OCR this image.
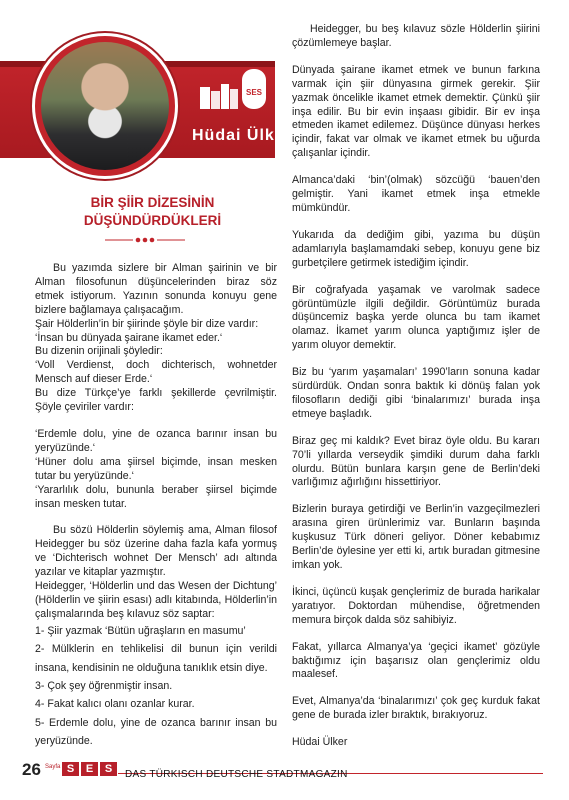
SES
Hüdai Ülker
BİR ŞİİR DİZESİNİN
DÜŞÜNDÜRDÜKLERİ

Bu yazımda sizlere bir Alman şairinin ve bir Alman filosofunun düşüncelerinden biraz söz etmek istiyorum. Yazının sonunda konuyu gene bizlere bağlamaya çalışacağım.

Şair Hölderlin’in bir şiirinde şöyle bir dize vardır:

‘İnsan bu dünyada şairane ikamet eder.‘

Bu dizenin orijinali şöyledir:

‘Voll Verdienst, doch dichterisch, wohnetder Mensch auf dieser Erde.‘

Bu dize Türkçe’ye farklı şekillerde çevrilmiştir. Şöyle çeviriler vardır:

‘Erdemle dolu, yine de ozanca barınır insan bu yeryüzünde.‘

‘Hüner dolu ama şiirsel biçimde, insan mesken tutar bu yeryüzünde.‘

‘Yararlılık dolu, bununla beraber şiirsel biçimde insan mesken tutar.

Bu sözü Hölderlin söylemiş ama, Alman filosof Heidegger bu söz üzerine daha fazla kafa yormuş ve ‘Dichterisch wohnet Der Mensch’ adı altında yazılar ve kitaplar yazmıştır.

Heidegger, ‘Hölderlin und das Wesen der Dichtung’ (Hölderlin ve şiirin esası) adlı kitabında, Hölderlin’in çalışmalarında beş kılavuz söz saptar:

1- Şiir yazmak ‘Bütün uğraşların en masumu’

2- Mülklerin en tehlikelisi dil bunun için verildi insana, kendisinin ne olduğuna tanıklık etsin diye.

3- Çok şey öğrenmiştir insan.

4- Fakat kalıcı olanı ozanlar kurar.

5- Erdemle dolu, yine de ozanca barınır insan bu yeryüzünde.

Heidegger, bu beş kılavuz sözle Hölderlin şiirini çözümlemeye başlar.

Dünyada şairane ikamet etmek ve bunun farkına varmak için şiir dünyasına girmek gerekir. Şiir yazmak öncelikle ikamet etmek demektir. Çünkü şiir inşa edilir. Bu bir evin inşaası gibidir. Bir ev inşa etmeden ikamet edilemez. Düşünce dünyası herkes içindir, fakat var olmak ve ikamet etmek bu uğurda çalışanlar içindir.

Almanca’daki ‘bin’(olmak) sözcüğü ‘bauen’den gelmiştir. Yani ikamet etmek inşa etmekle mümkündür.

Yukarıda da dediğim gibi, yazıma bu düşün adamlarıyla başlamamdaki sebep, konuyu gene biz gurbetçilere getirmek istediğim içindir.

Bir coğrafyada yaşamak ve varolmak sadece görüntümüzle ilgili değildir. Görüntümüz burada düşüncemiz başka yerde olunca bu tam ikamet olamaz. İkamet yarım olunca yaptığımız işler de yarım oluyor demektir.

Biz bu ‘yarım yaşamaları’ 1990’ların sonuna kadar sürdürdük. Ondan sonra baktık ki dönüş falan yok filosofların dediği gibi ‘binalarımızı’ burada inşa etmeye başladık.

Biraz geç mi kaldık? Evet biraz öyle oldu. Bu kararı 70’li yıllarda verseydik şimdiki durum daha farklı olurdu. Bütün bunlara karşın gene de Berlin’deki varlığımız ağırlığını hissettiriyor.

Bizlerin buraya getirdiği ve Berlin’in vazgeçilmezleri arasına giren ürünlerimiz var. Bunların başında kuşkusuz Türk döneri geliyor. Döner kebabımız Berlin’de öylesine yer etti ki, artık buradan gitmesine imkan yok.

İkinci, üçüncü kuşak gençlerimiz de burada harikalar yaratıyor. Doktordan mühendise, öğretmenden memura birçok dalda söz sahibiyiz.

Fakat, yıllarca Almanya’ya ‘geçici ikamet’ gözüyle baktığımız için başarısız olan gençlerimiz oldu maalesef.

Evet, Almanya’da ‘binalarımızı’ çok geç kurduk fakat gene de burada izler bıraktık, bırakıyoruz.

Hüdai Ülker

26 Sayfa S	E	S	DAS TÜRKISCH DEUTSCHE STADTMAGAZIN
